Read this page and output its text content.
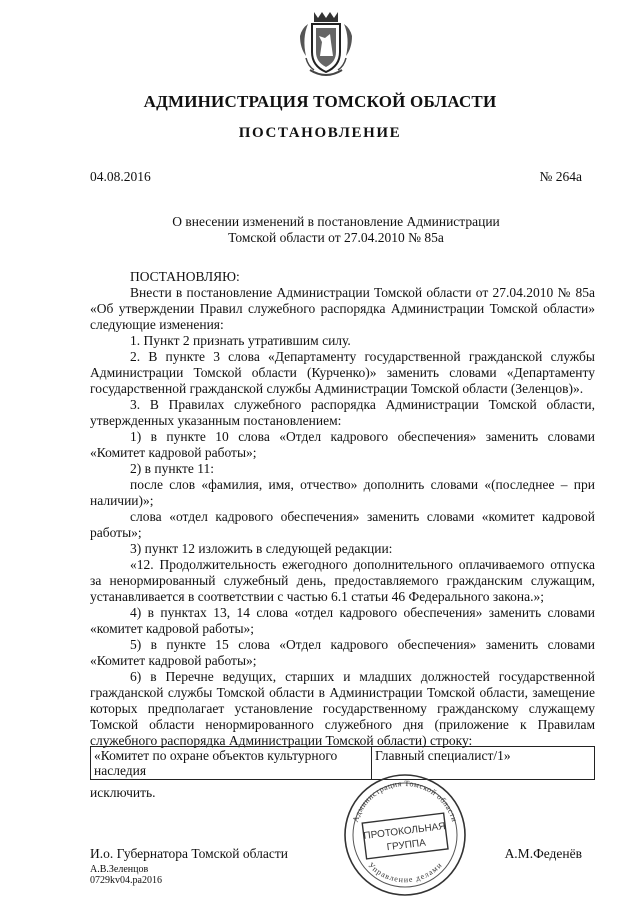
АДМИНИСТРАЦИЯ ТОМСКОЙ ОБЛАСТИ
ПОСТАНОВЛЕНИЕ
04.08.2016	№ 264а
О внесении изменений в постановление Администрации
Томской области от 27.04.2010 № 85а

ПОСТАНОВЛЯЮ:

Внести в постановление Администрации Томской области от 27.04.2010 № 85а «Об утверждении Правил служебного распорядка Администрации Томской области» следующие изменения:

1. Пункт 2 признать утратившим силу.

2. В пункте 3 слова «Департаменту государственной гражданской службы Администрации Томской области (Курченко)» заменить словами «Департаменту государственной гражданской службы Администрации Томской области (Зеленцов)».

3. В Правилах служебного распорядка Администрации Томской области, утвержденных указанным постановлением:

1) в пункте 10 слова «Отдел кадрового обеспечения» заменить словами «Комитет кадровой работы»;

2) в пункте 11:

после слов «фамилия, имя, отчество» дополнить словами «(последнее – при наличии)»;

слова «отдел кадрового обеспечения» заменить словами «комитет кадровой работы»;

3) пункт 12 изложить в следующей редакции:

«12. Продолжительность ежегодного дополнительного оплачиваемого отпуска за ненормированный служебный день, предоставляемого гражданским служащим, устанавливается в соответствии с частью 6.1 статьи 46 Федерального закона.»;

4) в пунктах 13, 14 слова «отдел кадрового обеспечения» заменить словами «комитет кадровой работы»;

5) в пункте 15 слова «Отдел кадрового обеспечения» заменить словами «Комитет кадровой работы»;

6) в Перечне ведущих, старших и младших должностей государственной гражданской службы Томской области в Администрации Томской области, замещение которых предполагает установление государственному гражданскому служащему Томской области ненормированного служебного дня (приложение к Правилам служебного распорядка Администрации Томской области) строку:

«Комитет по охране объектов культурного наследия	Главный специалист/1»
исключить.
И.о. Губернатора Томской области	А.М.Феденёв
А.В.Зеленцов
0729kv04.pa2016
Администрация Томской области
Управление делами
ПРОТОКОЛЬНАЯ
ГРУППА
